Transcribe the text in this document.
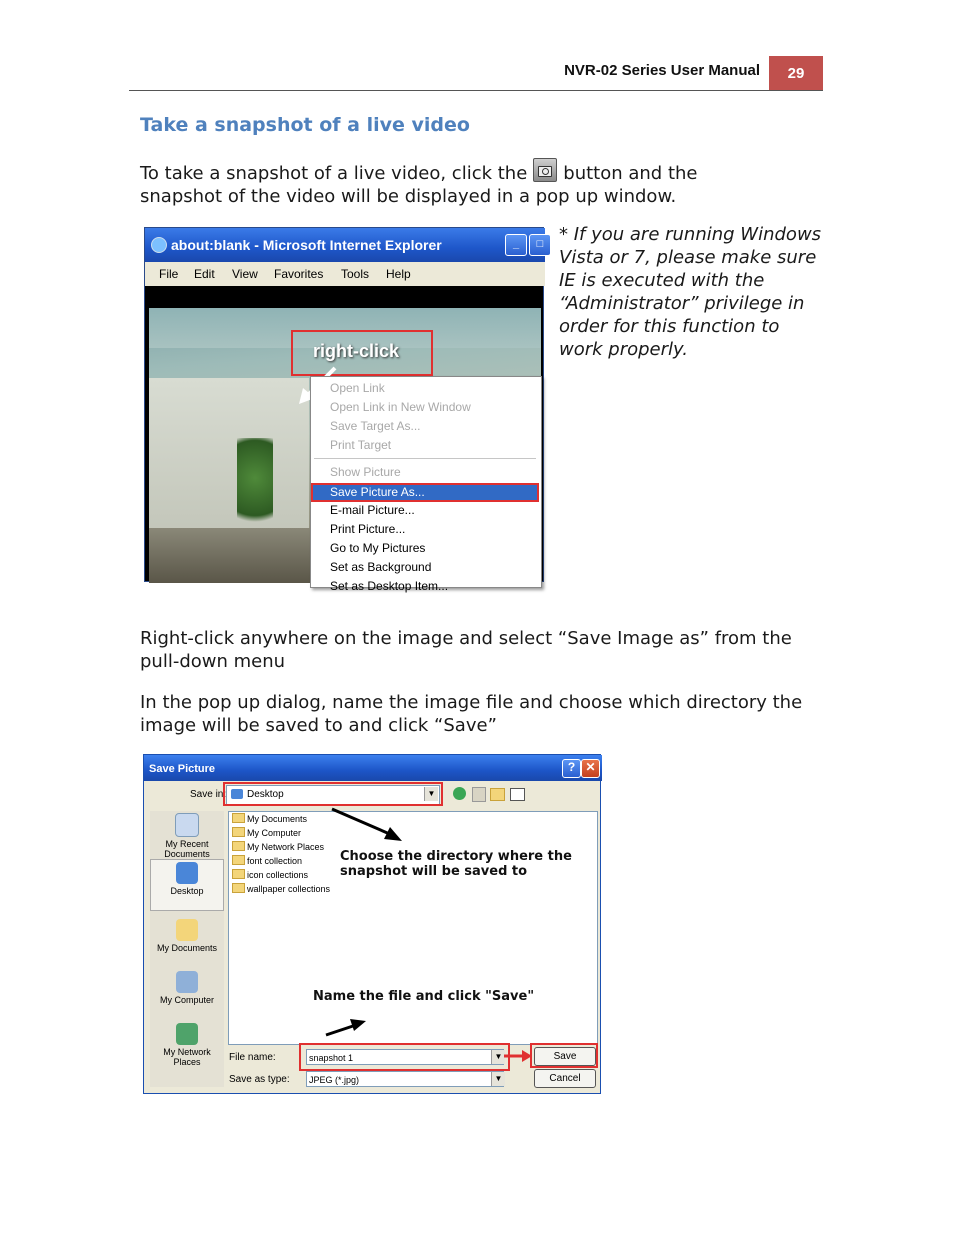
NVR-02 Series User Manual	29
Take a snapshot of a live video
To take a snapshot of a live video, click the button and the
snapshot of the video will be displayed in a pop up window.
* If you are running Windows Vista or 7, please make sure IE is executed with the “Administrator” privilege in order for this function to work properly.
about:blank - Microsoft Internet Explorer	_	□
File Edit View Favorites Tools Help
right-click
Open Link
Open Link in New Window
Save Target As...
Print Target
Show Picture
Save Picture As...
E-mail Picture...
Print Picture...
Go to My Pictures
Set as Background
Set as Desktop Item...
Right-click anywhere on the image and select “Save Image as” from the pull-down menu
In the pop up dialog, name the image file and choose which directory the image will be saved to and click “Save”
Save Picture	? ✕
Save in: Desktop	▼
My Recent Documents
Desktop
My Documents
My Computer
My Network Places
My Documents
My Computer
My Network Places
font collection
icon collections
wallpaper collections
Choose the directory where the snapshot will be saved to
Name the file and click "Save"
File name:	snapshot 1	▼
Save as type:	JPEG (*.jpg)	▼
Save
Cancel
